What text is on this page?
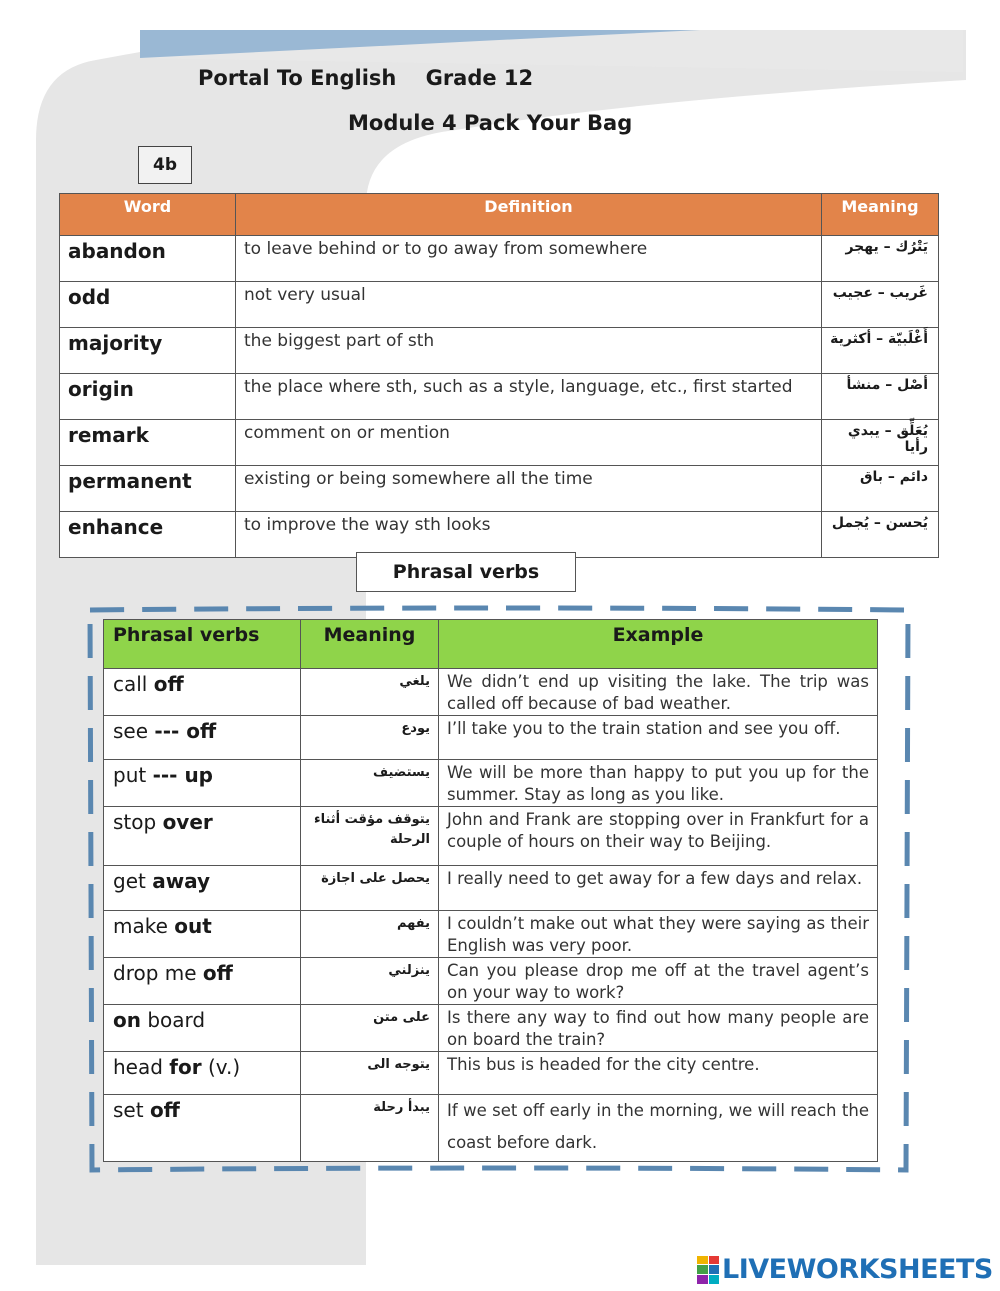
Portal To English    Grade 12
Module 4 Pack Your Bag
4b
Word	Definition	Meaning
abandon	to leave behind or to go away from somewhere	يَتْرُك – يهجر
odd	not very usual	غَريب – عجيب
majority	the biggest part of sth	أَغْلَبيّة – أكثرية
origin	the place where sth, such as a style, language, etc., first started	أصْل – منشأ
remark	comment on or mention	يُعَلِّق – يبدي رأيا
permanent	existing or being somewhere all the time	دائم – باق
enhance	to improve the way sth looks	يُحسن – يُجمل
Phrasal verbs
Phrasal verbs	Meaning	Example
call off	يلغي	We didn’t end up visiting the lake. The trip was called off because of bad weather.
see --- off	يودع	I’ll take you to the train station and see you off.
put --- up	يستضيف	We will be more than happy to put you up for the summer. Stay as long as you like.
stop over	يتوقف مؤقت أثناء الرحلة	John and Frank are stopping over in Frankfurt for a couple of hours on their way to Beijing.
get away	يحصل على اجازة	I really need to get away for a few days and relax.
make out	يفهم	I couldn’t make out what they were saying as their English was very poor.
drop me off	ينزلني	Can you please drop me off at the travel agent’s on your way to work?
on board	على متن	Is there any way to find out how many people are on board the train?
head for (v.)	يتوجه الى	This bus is headed for the city centre.
set off	يبدأ رحلة	If we set off early in the morning, we will reach the coast before dark.
LIVEWORKSHEETS
